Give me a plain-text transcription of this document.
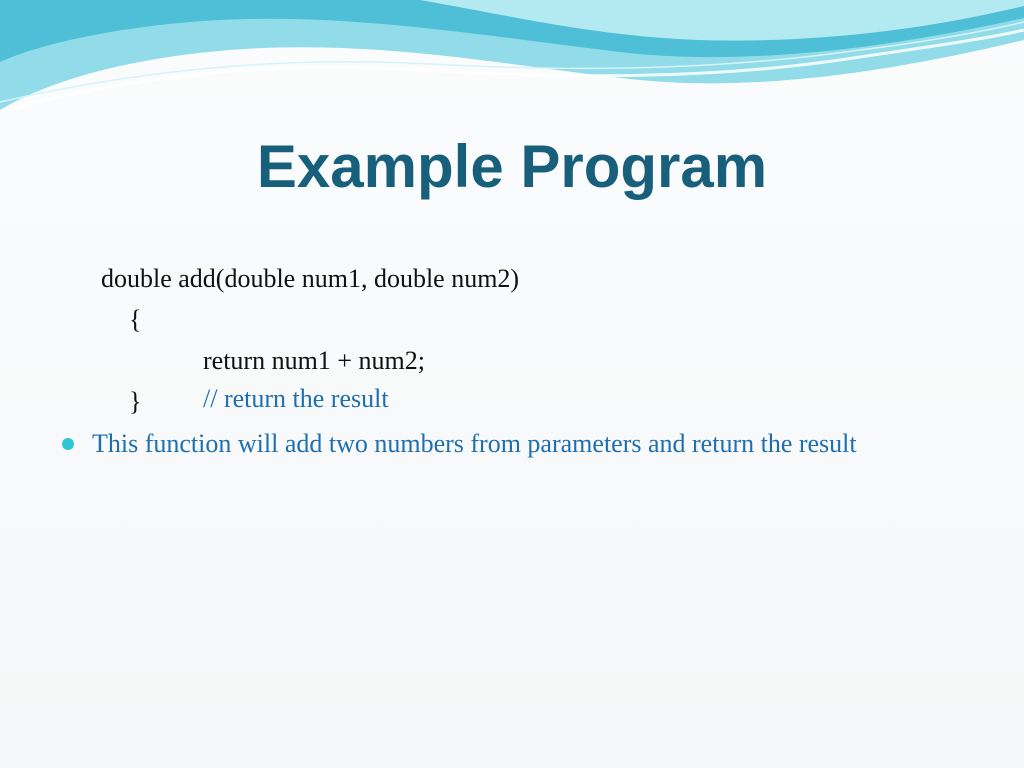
Example Program

double add(double num1, double num2)

{

return num1 + num2;
// return the result

}

This function will add two numbers from parameters and return the result
